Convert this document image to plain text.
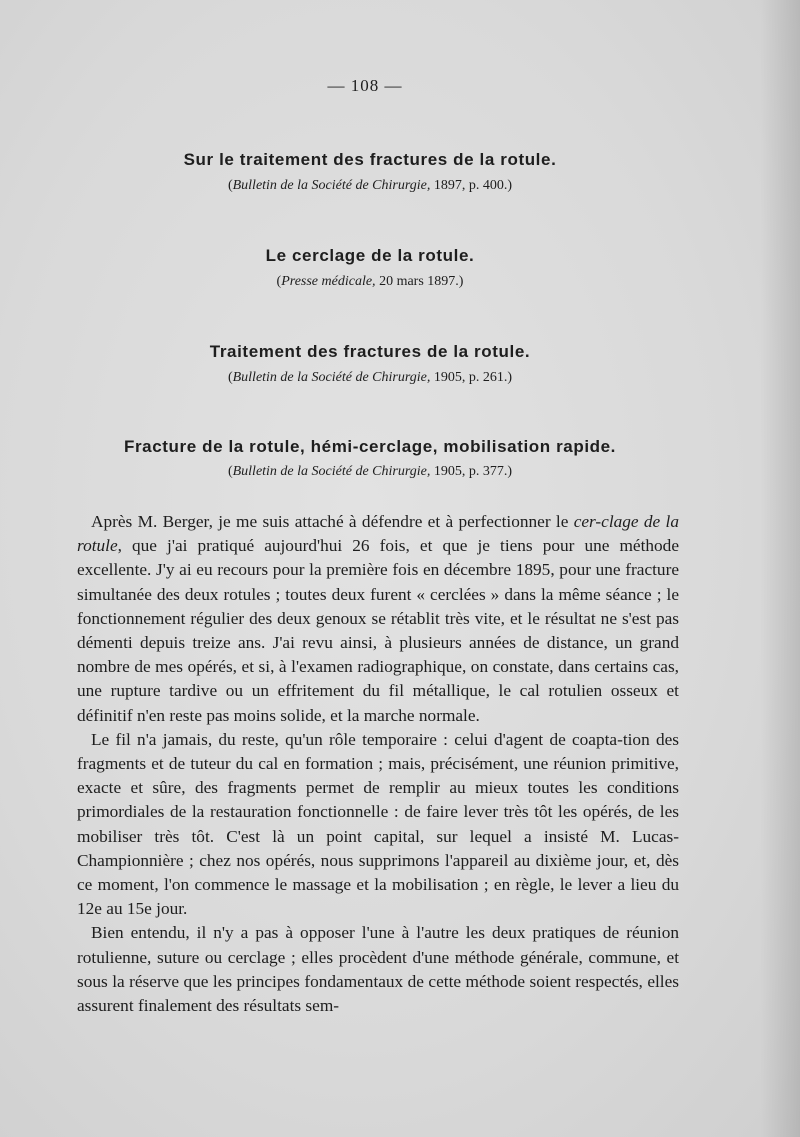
— 108 —
Sur le traitement des fractures de la rotule.
(Bulletin de la Société de Chirurgie, 1897, p. 400.)
Le cerclage de la rotule.
(Presse médicale, 20 mars 1897.)
Traitement des fractures de la rotule.
(Bulletin de la Société de Chirurgie, 1905, p. 261.)
Fracture de la rotule, hémi-cerclage, mobilisation rapide.
(Bulletin de la Société de Chirurgie, 1905, p. 377.)

Après M. Berger, je me suis attaché à défendre et à perfectionner le cer-clage de la rotule, que j'ai pratiqué aujourd'hui 26 fois, et que je tiens pour une méthode excellente. J'y ai eu recours pour la première fois en décembre 1895, pour une fracture simultanée des deux rotules ; toutes deux furent « cerclées » dans la même séance ; le fonctionnement régulier des deux genoux se rétablit très vite, et le résultat ne s'est pas démenti depuis treize ans. J'ai revu ainsi, à plusieurs années de distance, un grand nombre de mes opérés, et si, à l'examen radiographique, on constate, dans certains cas, une rupture tardive ou un effritement du fil métallique, le cal rotulien osseux et définitif n'en reste pas moins solide, et la marche normale.

Le fil n'a jamais, du reste, qu'un rôle temporaire : celui d'agent de coapta-tion des fragments et de tuteur du cal en formation ; mais, précisément, une réunion primitive, exacte et sûre, des fragments permet de remplir au mieux toutes les conditions primordiales de la restauration fonctionnelle : de faire lever très tôt les opérés, de les mobiliser très tôt. C'est là un point capital, sur lequel a insisté M. Lucas-Championnière ; chez nos opérés, nous supprimons l'appareil au dixième jour, et, dès ce moment, l'on commence le massage et la mobilisation ; en règle, le lever a lieu du 12e au 15e jour.

Bien entendu, il n'y a pas à opposer l'une à l'autre les deux pratiques de réunion rotulienne, suture ou cerclage ; elles procèdent d'une méthode générale, commune, et sous la réserve que les principes fondamentaux de cette méthode soient respectés, elles assurent finalement des résultats sem-
